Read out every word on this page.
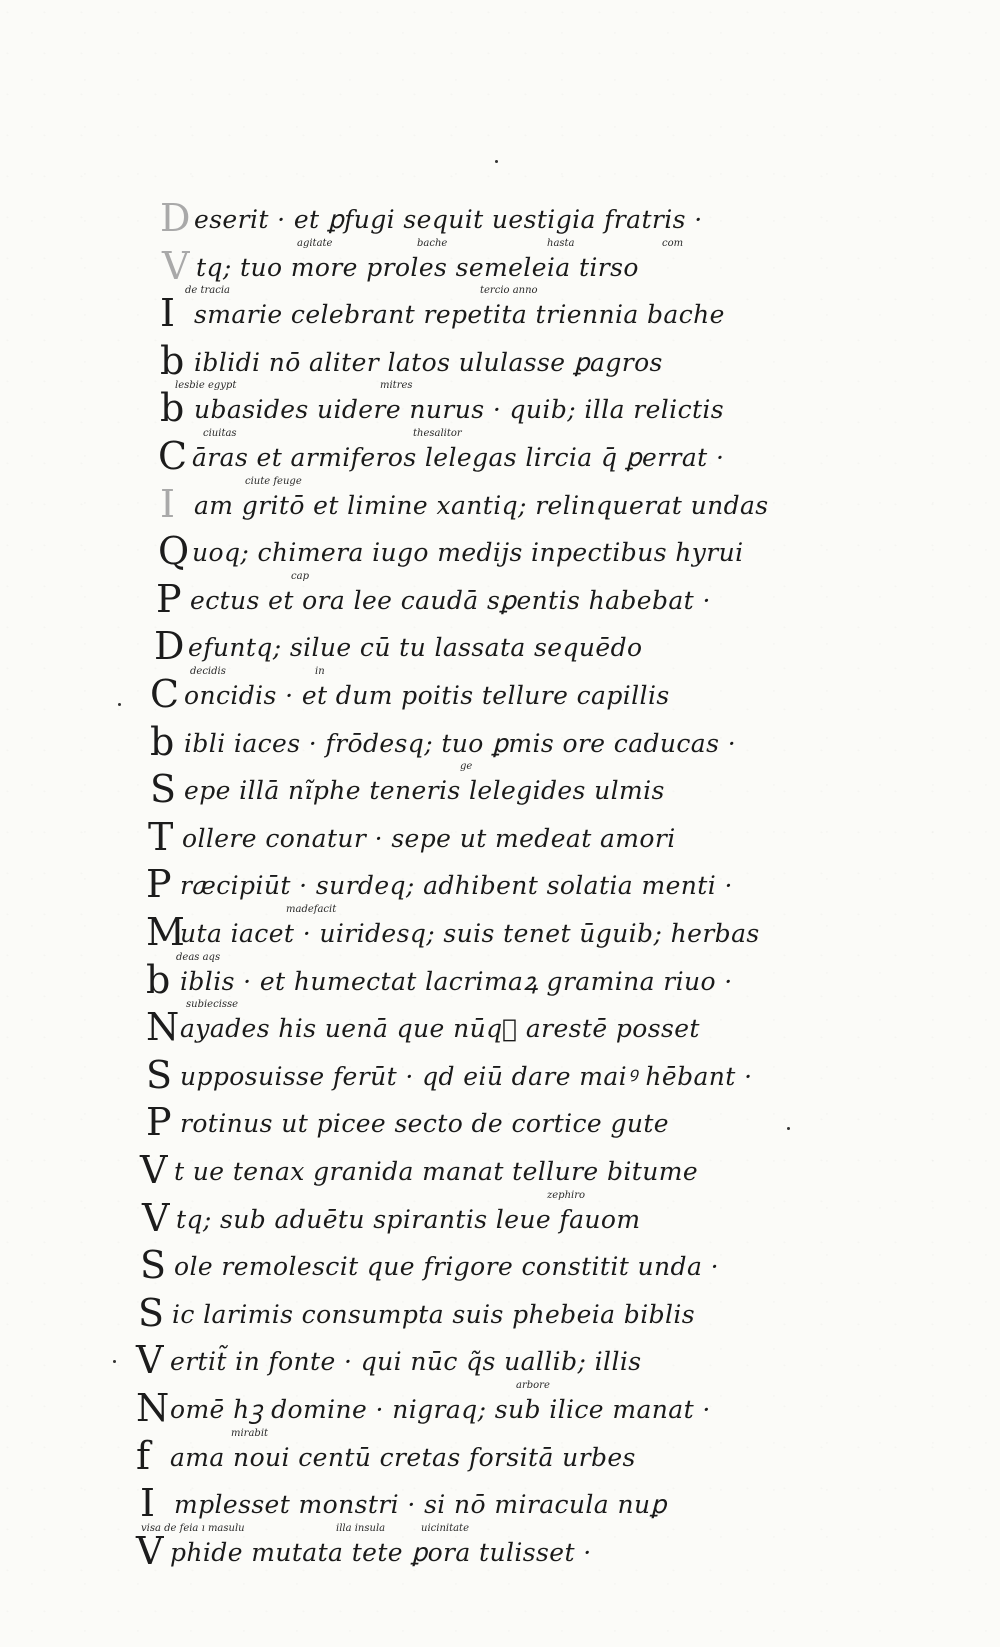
D eserit · et ꝑfugi sequit uestigia fratris ·
V tq; tuo more proles semeleia tirso
agitate	bache	hasta	com
I smarie celebrant repetita triennia bache
de tracia	tercio anno
b iblidi nō aliter latos ululasse ꝑagros
b ubasides uidere nurus · quib; illa relictis
lesbie egypt	mitres
C āras et armiferos lelegas lircia q̄ ꝑerrat ·
ciuitas	thesalitor
I am gritō et limine xantiq; relinquerat undas
ciute feuge
Q uoq; chimera iugo medijs inpectibus hyrui
P ectus et ora lee caudā sꝑentis habebat ·
cap
D efuntq; silue cū tu lassata sequēdo
C oncidis · et dum poitis tellure capillis
decidis	in
b ibli iaces · frōdesq; tuo ꝑmis ore caducas ·
S epe illā nĩphe teneris lelegides ulmis
ge
T ollere conatur · sepe ut medeat amori
P ræcipiūt · surdeq; adhibent solatia menti ·
M
uta iacet · uiridesq; suis tenet ūguib; herbas
madefacit
b iblis · et humectat lacrimaꝝ gramina riuo ·
deas aqs
N ayades his uenā que nūqᷓ arestē posset
subiecisse
S upposuisse ferūt · qd eiū dare maiꝰ hēbant ·
P rotinus ut picee secto de cortice gute
V t ue tenax granida manat tellure bitume
V tq; sub aduētu spirantis leue fauom
zephiro
S ole remolescit que frigore constitit unda ·
S ic larimis consumpta suis phebeia biblis
V ertit̃ in fonte · qui nūc q̃s uallib; illis
N omē hꝫ domine · nigraq; sub ilice manat ·
arbore
f ama noui centū cretas forsitā urbes
mirabit
I mplesset monstri · si nō miracula nuꝑ
V phide mutata tete ꝑora tulisset ·
visa de feia ı masulu	illa insula	uicinitate
